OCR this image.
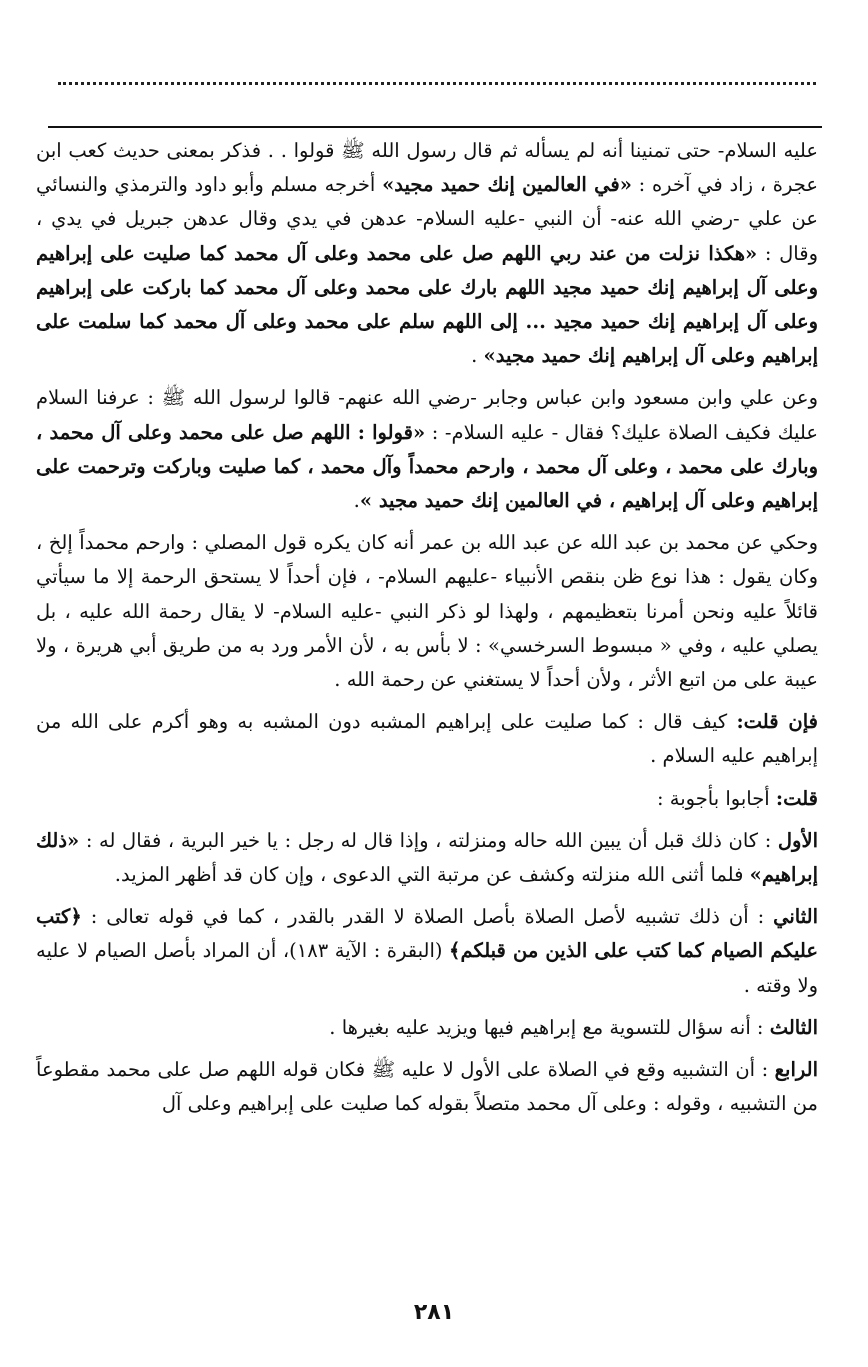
عليه السلام- حتى تمنينا أنه لم يسأله ثم قال رسول الله ﷺ قولوا . . فذكر بمعنى حديث كعب ابن عجرة ، زاد في آخره : «في العالمين إنك حميد مجيد» أخرجه مسلم وأبو داود والترمذي والنسائي عن علي -رضي الله عنه- أن النبي -عليه السلام- عدهن في يدي وقال عدهن جبريل في يدي ، وقال : «هكذا نزلت من عند ربي اللهم صل على محمد وعلى آل محمد كما صليت على إبراهيم وعلى آل إبراهيم إنك حميد مجيد اللهم بارك على محمد وعلى آل محمد كما باركت على إبراهيم وعلى آل إبراهيم إنك حميد مجيد ... إلى اللهم سلم على محمد وعلى آل محمد كما سلمت على إبراهيم وعلى آل إبراهيم إنك حميد مجيد» .

وعن علي وابن مسعود وابن عباس وجابر -رضي الله عنهم- قالوا لرسول الله ﷺ : عرفنا السلام عليك فكيف الصلاة عليك؟ فقال - عليه السلام- : «قولوا : اللهم صل على محمد وعلى آل محمد ، وبارك على محمد ، وعلى آل محمد ، وارحم محمداً وآل محمد ، كما صليت وباركت وترحمت على إبراهيم وعلى آل إبراهيم ، في العالمين إنك حميد مجيد ».

وحكي عن محمد بن عبد الله عن عبد الله بن عمر أنه كان يكره قول المصلي : وارحم محمداً إلخ ، وكان يقول : هذا نوع ظن بنقص الأنبياء -عليهم السلام- ، فإن أحداً لا يستحق الرحمة إلا ما سيأتي قائلاً عليه ونحن أمرنا بتعظيمهم ، ولهذا لو ذكر النبي -عليه السلام- لا يقال رحمة الله عليه ، بل يصلي عليه ، وفي « مبسوط السرخسي» : لا بأس به ، لأن الأمر ورد به من طريق أبي هريرة ، ولا عيبة على من اتبع الأثر ، ولأن أحداً لا يستغني عن رحمة الله .

فإن قلت: كيف قال : كما صليت على إبراهيم المشبه دون المشبه به وهو أكرم على الله من إبراهيم عليه السلام .

قلت: أجابوا بأجوبة :

الأول : كان ذلك قبل أن يبين الله حاله ومنزلته ، وإذا قال له رجل : يا خير البرية ، فقال له : «ذلك إبراهيم» فلما أثنى الله منزلته وكشف عن مرتبة التي الدعوى ، وإن كان قد أظهر المزيد.

الثاني : أن ذلك تشبيه لأصل الصلاة بأصل الصلاة لا القدر بالقدر ، كما في قوله تعالى : ﴿كتب عليكم الصيام كما كتب على الذين من قبلكم﴾ (البقرة : الآية ١٨٣)، أن المراد بأصل الصيام لا عليه ولا وقته .

الثالث : أنه سؤال للتسوية مع إبراهيم فيها ويزيد عليه بغيرها .

الرابع : أن التشبيه وقع في الصلاة على الأول لا عليه ﷺ فكان قوله اللهم صل على محمد مقطوعاً من التشبيه ، وقوله : وعلى آل محمد متصلاً بقوله كما صليت على إبراهيم وعلى آل

٢٨١
